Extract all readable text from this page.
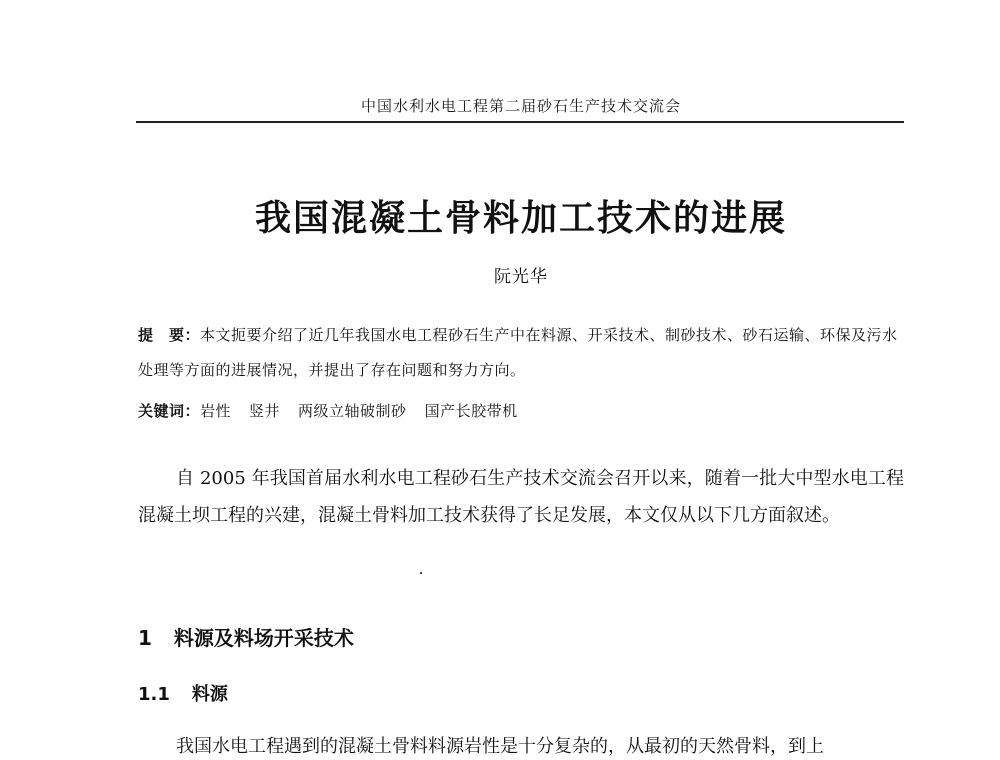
中国水利水电工程第二届砂石生产技术交流会
我国混凝土骨料加工技术的进展
阮光华

提　要：本文扼要介绍了近几年我国水电工程砂石生产中在料源、开采技术、制砂技术、砂石运输、环保及污水处理等方面的进展情况，并提出了存在问题和努力方向。

关键词：岩性 竖井 两级立轴破制砂 国产长胶带机

自 2005 年我国首届水利水电工程砂石生产技术交流会召开以来，随着一批大中型水电工程混凝土坝工程的兴建，混凝土骨料加工技术获得了长足发展，本文仅从以下几方面叙述。

1 料源及料场开采技术
1.1 料源

我国水电工程遇到的混凝土骨料料源岩性是十分复杂的，从最初的天然骨料，到上
